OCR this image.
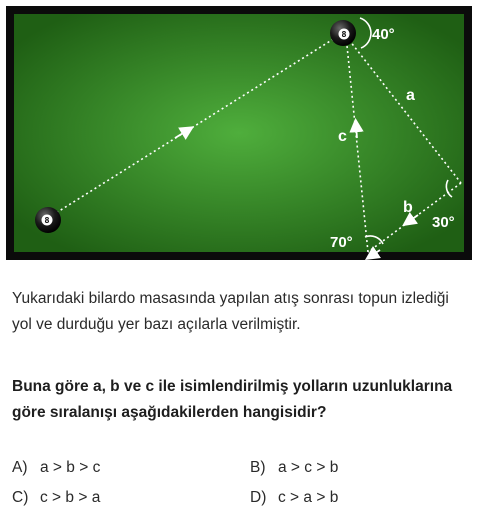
8
8 40°
30°
70°
a
b
c
Yukarıdaki bilardo masasında yapılan atış sonrası topun izlediği yol ve durduğu yer bazı açılarla verilmiştir.
Buna göre a, b ve c ile isimlendirilmiş yolların uzunluklarına göre sıralanışı aşağıdakilerden hangisidir?
A) a > b > c	B) a > c > b
C) c > b > a	D) c > a > b
